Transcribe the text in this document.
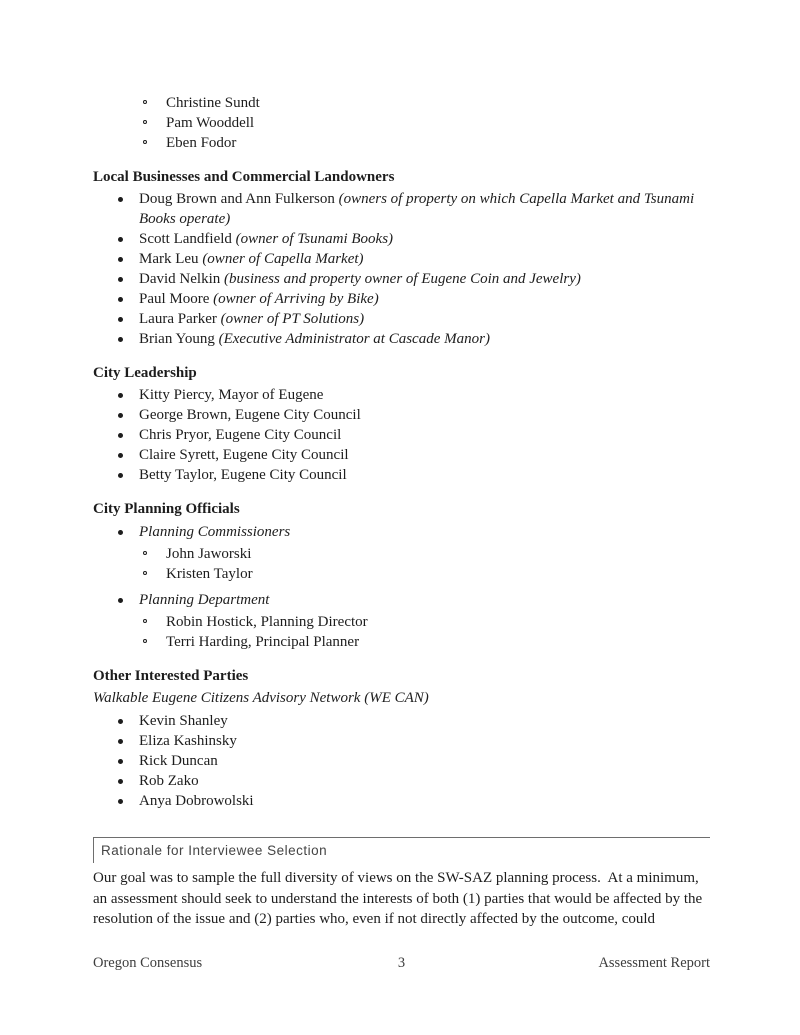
Christine Sundt
Pam Wooddell
Eben Fodor
Local Businesses and Commercial Landowners
Doug Brown and Ann Fulkerson (owners of property on which Capella Market and Tsunami Books operate)
Scott Landfield (owner of Tsunami Books)
Mark Leu (owner of Capella Market)
David Nelkin (business and property owner of Eugene Coin and Jewelry)
Paul Moore (owner of Arriving by Bike)
Laura Parker (owner of PT Solutions)
Brian Young (Executive Administrator at Cascade Manor)
City Leadership
Kitty Piercy, Mayor of Eugene
George Brown, Eugene City Council
Chris Pryor, Eugene City Council
Claire Syrett, Eugene City Council
Betty Taylor, Eugene City Council
City Planning Officials
Planning Commissioners
John Jaworski
Kristen Taylor
Planning Department
Robin Hostick, Planning Director
Terri Harding, Principal Planner
Other Interested Parties

Walkable Eugene Citizens Advisory Network (WE CAN)

Kevin Shanley
Eliza Kashinsky
Rick Duncan
Rob Zako
Anya Dobrowolski
Rationale for Interviewee Selection

Our goal was to sample the full diversity of views on the SW-SAZ planning process.  At a minimum, an assessment should seek to understand the interests of both (1) parties that would be affected by the resolution of the issue and (2) parties who, even if not directly affected by the outcome, could

Oregon Consensus	3	Assessment Report
